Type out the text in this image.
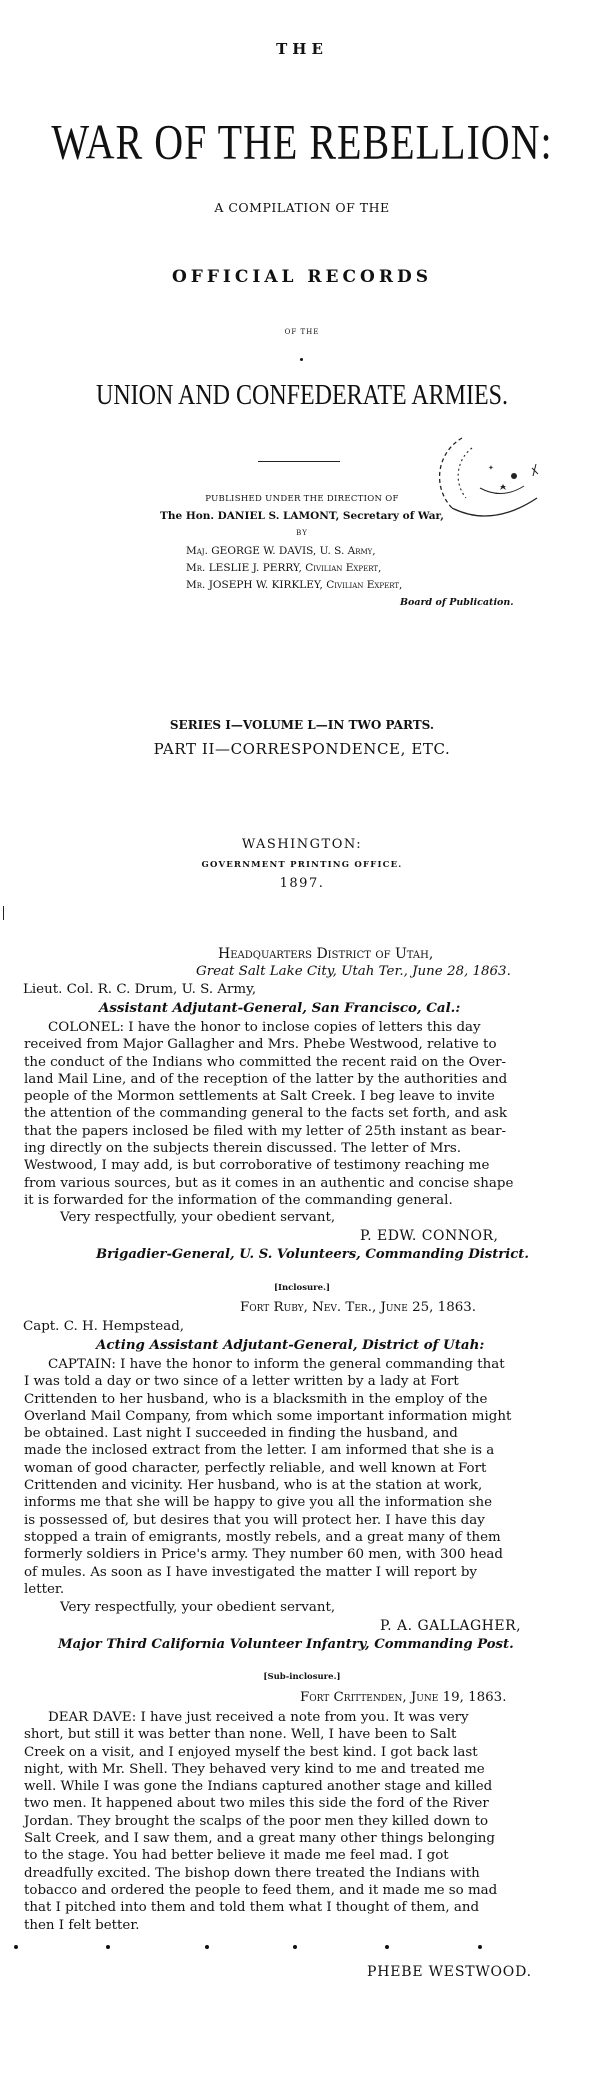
THE
WAR OF THE REBELLION:
A COMPILATION OF THE
OFFICIAL RECORDS
OF THE
UNION AND CONFEDERATE ARMIES.
✦
PUBLISHED UNDER THE DIRECTION OF
The Hon. DANIEL S. LAMONT, Secretary of War,
BY
Maj. GEORGE W. DAVIS, U. S. Army,
Mr. LESLIE J. PERRY, Civilian Expert,
Mr. JOSEPH W. KIRKLEY, Civilian Expert,
Board of Publication.
SERIES I—VOLUME L—IN TWO PARTS.
PART II—CORRESPONDENCE, ETC.
WASHINGTON:
GOVERNMENT PRINTING OFFICE.
1897.
Headquarters District of Utah,
Great Salt Lake City, Utah Ter., June 28, 1863.
Lieut. Col. R. C. Drum, U. S. Army,
Assistant Adjutant-General, San Francisco, Cal.:
COLONEL: I have the honor to inclose copies of letters this day
received from Major Gallagher and Mrs. Phebe Westwood, relative to
the conduct of the Indians who committed the recent raid on the Over-
land Mail Line, and of the reception of the latter by the authorities and
people of the Mormon settlements at Salt Creek. I beg leave to invite
the attention of the commanding general to the facts set forth, and ask
that the papers inclosed be filed with my letter of 25th instant as bear-
ing directly on the subjects therein discussed. The letter of Mrs.
Westwood, I may add, is but corroborative of testimony reaching me
from various sources, but as it comes in an authentic and concise shape
it is forwarded for the information of the commanding general.
Very respectfully, your obedient servant,
P. EDW. CONNOR,
Brigadier-General, U. S. Volunteers, Commanding District.
[Inclosure.]
Fort Ruby, Nev. Ter., June 25, 1863.
Capt. C. H. Hempstead,
Acting Assistant Adjutant-General, District of Utah:
CAPTAIN: I have the honor to inform the general commanding that
I was told a day or two since of a letter written by a lady at Fort
Crittenden to her husband, who is a blacksmith in the employ of the
Overland Mail Company, from which some important information might
be obtained. Last night I succeeded in finding the husband, and
made the inclosed extract from the letter. I am informed that she is a
woman of good character, perfectly reliable, and well known at Fort
Crittenden and vicinity. Her husband, who is at the station at work,
informs me that she will be happy to give you all the information she
is possessed of, but desires that you will protect her. I have this day
stopped a train of emigrants, mostly rebels, and a great many of them
formerly soldiers in Price's army. They number 60 men, with 300 head
of mules. As soon as I have investigated the matter I will report by
letter.
Very respectfully, your obedient servant,
P. A. GALLAGHER,
Major Third California Volunteer Infantry, Commanding Post.
[Sub-inclosure.]
Fort Crittenden, June 19, 1863.
DEAR DAVE: I have just received a note from you. It was very
short, but still it was better than none. Well, I have been to Salt
Creek on a visit, and I enjoyed myself the best kind. I got back last
night, with Mr. Shell. They behaved very kind to me and treated me
well. While I was gone the Indians captured another stage and killed
two men. It happened about two miles this side the ford of the River
Jordan. They brought the scalps of the poor men they killed down to
Salt Creek, and I saw them, and a great many other things belonging
to the stage. You had better believe it made me feel mad. I got
dreadfully excited. The bishop down there treated the Indians with
tobacco and ordered the people to feed them, and it made me so mad
that I pitched into them and told them what I thought of them, and
then I felt better.
PHEBE WESTWOOD.
